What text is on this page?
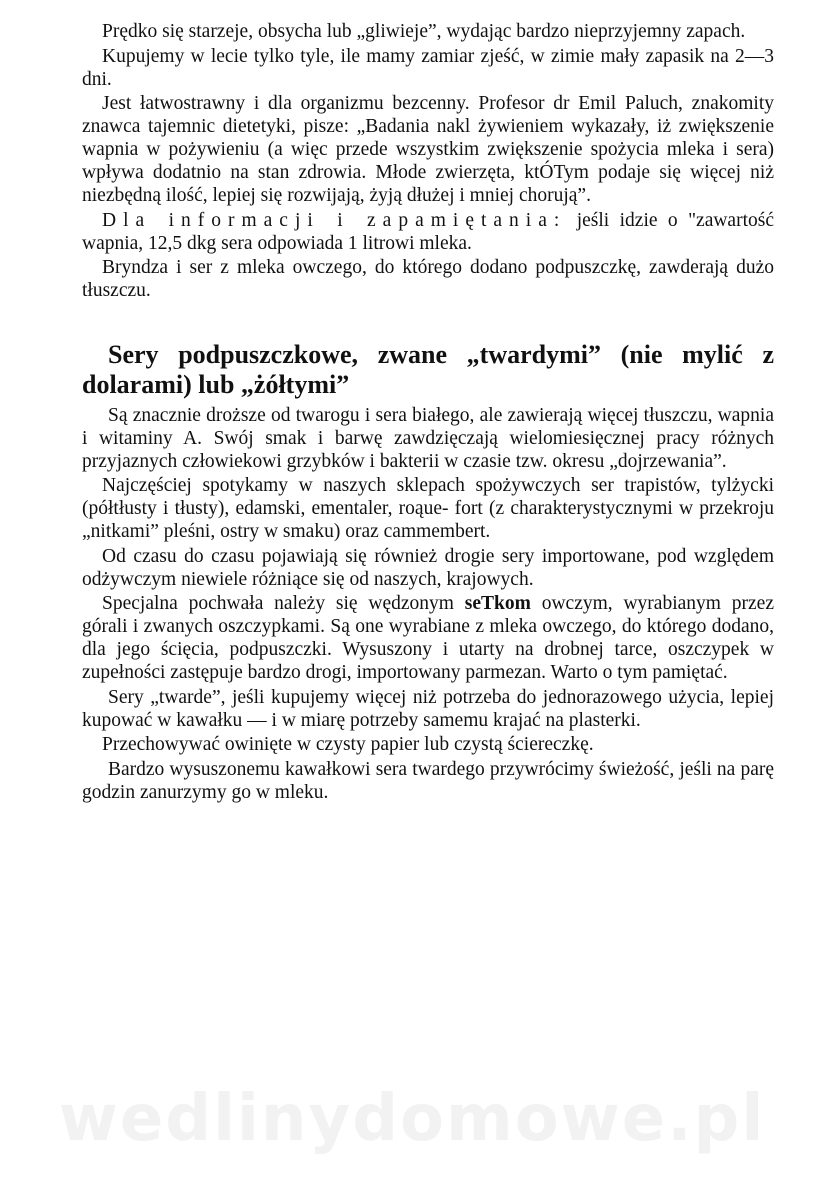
Prędko się starzeje, obsycha lub „gliwieje”, wydając bardzo nieprzyjemny zapach.

Kupujemy w lecie tylko tyle, ile mamy zamiar zjeść, w zimie mały zapasik na 2—3 dni.

Jest łatwostrawny i dla organizmu bezcenny. Profesor dr Emil Paluch, znakomity znawca tajemnic dietetyki, pisze: „Badania nakl żywieniem wykazały, iż zwiększenie wapnia w pożywieniu (a więc przede wszystkim zwiększenie spożycia mleka i sera) wpływa dodatnio na stan zdrowia. Młode zwierzęta, ktÓTym podaje się więcej niż niezbędną ilość, lepiej się rozwijają, żyją dłużej i mniej chorują”.

Dla informacji i zapamiętania: jeśli idzie o "zawartość wapnia, 12,5 dkg sera odpowiada 1 litrowi mleka.

Bryndza i ser z mleka owczego, do którego dodano podpuszczkę, zawderają dużo tłuszczu.

Sery podpuszczkowe, zwane „twardymi” (nie mylić z dolarami) lub „żółtymi”

Są znacznie droższe od twarogu i sera białego, ale zawierają więcej tłuszczu, wapnia i witaminy A. Swój smak i barwę zawdzięczają wielomiesięcznej pracy różnych przyjaznych człowiekowi grzybków i bakterii w czasie tzw. okresu „dojrzewania”.

Najczęściej spotykamy w naszych sklepach spożywczych ser trapistów, tylżycki (półtłusty i tłusty), edamski, ementaler, roąue- fort (z charakterystycznymi w przekroju „nitkami” pleśni, ostry w smaku) oraz cammembert.

Od czasu do czasu pojawiają się również drogie sery importowane, pod względem odżywczym niewiele różniące się od naszych, krajowych.

Specjalna pochwała należy się wędzonym seTkom owczym, wyrabianym przez górali i zwanych oszczypkami. Są one wyrabiane z mleka owczego, do którego dodano, dla jego ścięcia, podpuszczki. Wysuszony i utarty na drobnej tarce, oszczypek w zupełności zastępuje bardzo drogi, importowany parmezan. Warto o tym pamiętać.

Sery „twarde”, jeśli kupujemy więcej niż potrzeba do jednorazowego użycia, lepiej kupować w kawałku — i w miarę potrzeby samemu krajać na plasterki.

Przechowywać owinięte w czysty papier lub czystą ściereczkę.

Bardzo wysuszonemu kawałkowi sera twardego przywrócimy świeżość, jeśli na parę godzin zanurzymy go w mleku.

wedlinydomowe.pl
